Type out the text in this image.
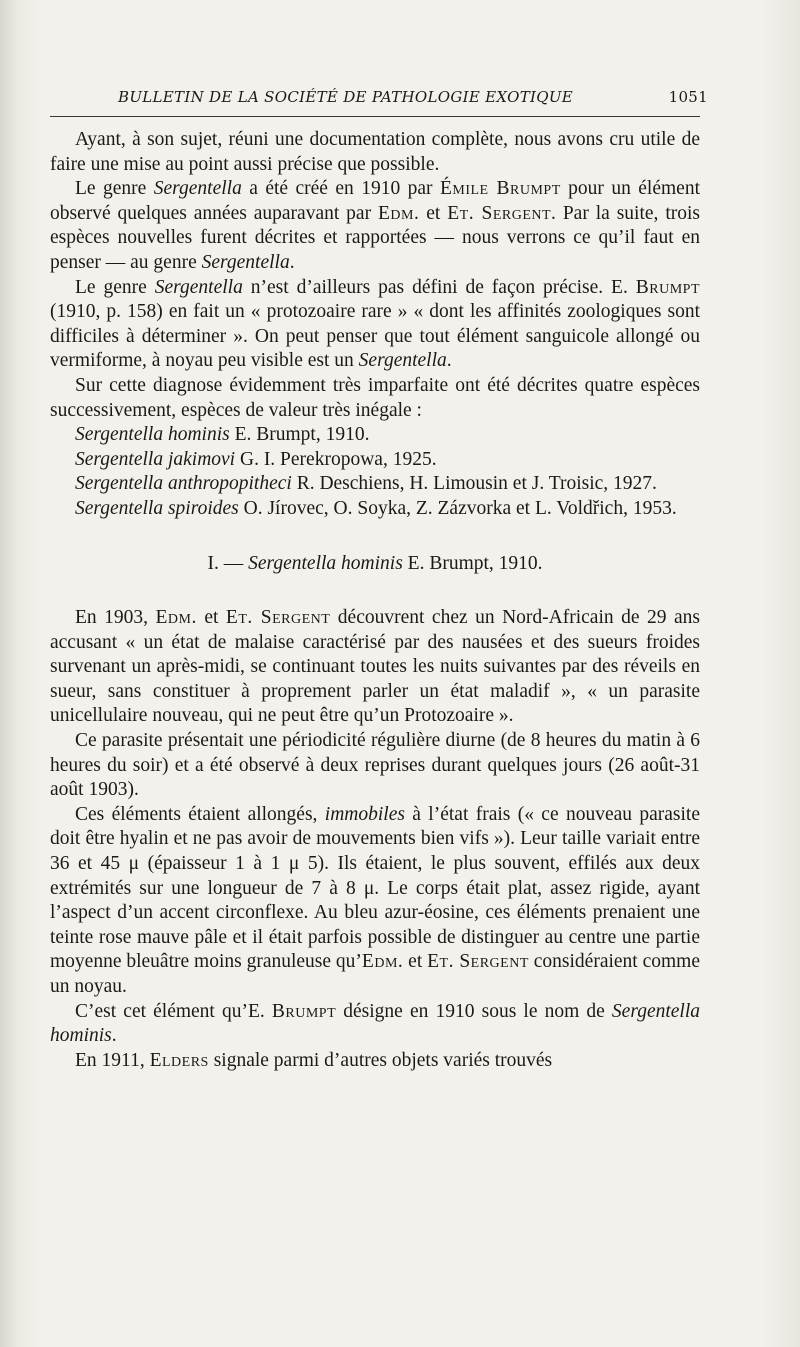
BULLETIN DE LA SOCIÉTÉ DE PATHOLOGIE EXOTIQUE	1051

Ayant, à son sujet, réuni une documentation complète, nous avons cru utile de faire une mise au point aussi précise que possible.

Le genre Sergentella a été créé en 1910 par Émile Brumpt pour un élément observé quelques années auparavant par Edm. et Et. Sergent. Par la suite, trois espèces nouvelles furent décrites et rapportées — nous verrons ce qu’il faut en penser — au genre Sergentella.

Le genre Sergentella n’est d’ailleurs pas défini de façon précise. E. Brumpt (1910, p. 158) en fait un « protozoaire rare » « dont les affinités zoologiques sont difficiles à déterminer ». On peut penser que tout élément sanguicole allongé ou vermiforme, à noyau peu visible est un Sergentella.

Sur cette diagnose évidemment très imparfaite ont été décrites quatre espèces successivement, espèces de valeur très inégale :

Sergentella hominis E. Brumpt, 1910.

Sergentella jakimovi G. I. Perekropowa, 1925.

Sergentella anthropopitheci R. Deschiens, H. Limousin et J. Troisic, 1927.

Sergentella spiroides O. Jírovec, O. Soyka, Z. Zázvorka et L. Voldřich, 1953.

I. — Sergentella hominis E. Brumpt, 1910.

En 1903, Edm. et Et. Sergent découvrent chez un Nord-Africain de 29 ans accusant « un état de malaise caractérisé par des nausées et des sueurs froides survenant un après-midi, se continuant toutes les nuits suivantes par des réveils en sueur, sans constituer à proprement parler un état maladif », « un parasite unicellulaire nouveau, qui ne peut être qu’un Protozoaire ».

Ce parasite présentait une périodicité régulière diurne (de 8 heures du matin à 6 heures du soir) et a été observé à deux reprises durant quelques jours (26 août-31 août 1903).

Ces éléments étaient allongés, immobiles à l’état frais (« ce nouveau parasite doit être hyalin et ne pas avoir de mouvements bien vifs »). Leur taille variait entre 36 et 45 μ (épaisseur 1 à 1 μ 5). Ils étaient, le plus souvent, effilés aux deux extrémités sur une longueur de 7 à 8 μ. Le corps était plat, assez rigide, ayant l’aspect d’un accent circonflexe. Au bleu azur-éosine, ces éléments prenaient une teinte rose mauve pâle et il était parfois possible de distinguer au centre une partie moyenne bleuâtre moins granuleuse qu’Edm. et Et. Sergent considéraient comme un noyau.

C’est cet élément qu’E. Brumpt désigne en 1910 sous le nom de Sergentella hominis.

En 1911, Elders signale parmi d’autres objets variés trouvés
